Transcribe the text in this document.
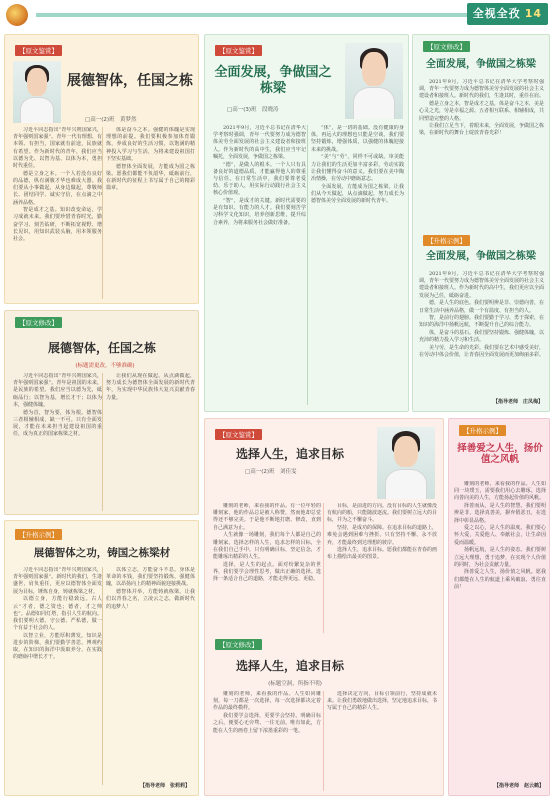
全视全孜 14
【原文鉴赏】
展德智体，任国之栋
□高一(2)班　黄梦然

习近平同志指出“青年兴则国家兴，青年强则国家强”。青年一代有理想、有本领、有担当，国家就有前途，民族就有希望。作为新时代的青年，我们应当以德为先、以智为基、以体为本，勇担时代重任。

德是立身之本。一个人若没有良好的品德，纵有满腹才华也难成大器。我们要从小事做起，从身边做起，尊敬师长、团结同学、诚实守信，在点滴之中涵养品格。

智是成才之基。知识改变命运，学习成就未来。我们要珍惜青春时光，勤奋学习、刻苦钻研，不断拓宽视野、增长见识，用知识武装头脑，用本领服务社会。

体是奋斗之本。强健的体魄是实现理想的前提。我们要积极参加体育锻炼，养成良好的生活习惯，以饱满的精神投入学习与生活，为将来建设祖国打下坚实基础。

德智体全面发展，方能成为国之栋梁。愿我们都能不负韶华，砥砺前行，在新时代的征程上书写属于自己的精彩篇章。

【原文修改】
展德智体，任国之栋
(标题需更改，不够准确)

习近平同志指出“青年兴则国家兴，青年强则国家强”。青年是祖国的未来，是民族的希望。我们应当以德为先，砥砺品行；以智为基，增长才干；以体为本，强健体魄。

德为首，智为要，体为根。德智体三者相辅相成，缺一不可。只有全面发展，才能在未来担当起建设祖国的重任，成为真正的国家栋梁之材。

让我们从现在做起，从点滴做起，努力成长为德智体全面发展的新时代青年，为实现中华民族伟大复兴贡献青春力量。

【升格示例】
展德智体之功，铸国之栋梁材

习近平同志指出“青年兴则国家兴，青年强则国家强”。新时代的我们，生逢盛世，肩负重任，更应以德智体全面发展为目标，锤炼自身，铸就栋梁之材。

以德立身，方能行稳致远。古人云“才者，德之资也；德者，才之帅也”。品德如同灯塔，指引人生的航向。我们要明大德、守公德、严私德，做一个有益于社会的人。

以智立业，方能厚积薄发。知识是进步的阶梯，我们要勤学善思，博观约取，在知识的海洋中汲取养分，在实践的磨砺中增长才干。

以体立志，方能奋斗不息。身体是革命的本钱，我们要坚持锻炼，强健体魄，以昂扬向上的精神面貌迎接挑战。

德智体并举，方能铸就栋梁。让我们以青春之名，立凌云之志，做新时代的追梦人！

【指导老师　张莉莉】
【原文鉴赏】
全面发展，争做国之栋梁
□高一(3)班　段晓涛

2021年9月，习近平总书记在清华大学考察时强调，青年一代要努力成为德智体美劳全面发展的社会主义建设者和接班人。作为新时代的高中生，我们应当牢记嘱托，全面发展，争做国之栋梁。

“德”，是做人的根本。一个人只有具备良好的道德品质，才能赢得他人的尊重与信任。在日常生活中，我们要尊老爱幼、乐于助人，用实际行动践行社会主义核心价值观。

“智”，是成才的关键。新时代需要的是有知识、有能力的人才。我们要刻苦学习科学文化知识，培养创新思维，提升综合素养，为将来服务社会做好准备。

“体”，是一切的基础。没有健康的身体，再远大的理想也只能是空谈。我们要坚持锻炼，增强体质，以强健的体魄迎接未来的挑战。

“美”与“劳”，同样不可或缺。审美能力让我们的生活更加丰富多彩，劳动实践让我们懂得奋斗的意义。我们要在美中陶冶情操，在劳动中磨砺意志。

全面发展，方能成为国之栋梁。让我们从今天做起，从点滴做起，努力成长为德智体美劳全面发展的新时代青年。

【原文修改】
全面发展，争做国之栋梁

2021年9月，习近平总书记在清华大学考察时强调，青年一代要努力成为德智体美劳全面发展的社会主义建设者和接班人。新时代的我们，生逢其时，重任在肩。

德是立身之本，智是成才之基，体是奋斗之本，美是心灵之光，劳是幸福之源。五者相互联系、相辅相成，共同塑造完整的人格。

让我们立足当下，着眼未来，全面发展，争做国之栋梁，在新时代的舞台上绽放青春光彩！

【升格示例】
全面发展，争做国之栋梁

2021年9月，习近平总书记在清华大学考察时强调，青年一代要努力成为德智体美劳全面发展的社会主义建设者和接班人。作为新时代的高中生，我们更应以全面发展为己任，砥砺奋进。

德，是人生的底色。我们要明辨是非、崇德向善，在日常生活中涵养品格，做一个有温度、有担当的人。

智，是前行的翅膀。我们要勤于学习、勇于探索，在知识的海洋中扬帆远航，不断提升自己的综合能力。

体，是奋斗的基石。我们要坚持锻炼、强健体魄，以充沛的精力投入学习和生活。

美与劳，是生命的光彩。我们要在艺术中感受美好，在劳动中体会价值，让青春因全面发展而更加绚丽多彩。

【指导老师　庄凤梅】
【原文鉴赏】
选择人生，追求目标
□高一(2)班　刘佳雯

雕刻的老师，来看我的作品。有一位年轻的雕刻家，他的作品总是被人称赞，然而他却总觉得还不够完美。于是他不断地打磨、修改，直到自己满意为止。

人生就像一场雕刻，我们每个人都是自己的雕刻家。选择怎样的人生，追求怎样的目标，全在我们自己手中。只有明确目标，坚定信念，才能雕琢出精彩的人生。

选择，是人生的起点。面对纷繁复杂的世界，我们要学会理性思考，做出正确的选择。选择一条适合自己的道路，才能走得更远、更稳。

目标，是前进的方向。没有目标的人生就像没有航向的船，只能随波逐流。我们要树立远大的目标，并为之不懈奋斗。

坚持，是成功的保障。在追求目标的道路上，难免会遇到困难与挫折。只有坚持不懈、永不放弃，才能最终到达理想的彼岸。

选择人生，追求目标。愿我们都能在青春的画布上描绘出最美的图景。

【原文修改】
选择人生，追求目标
(标题空洞，所指不明)

雕刻的老师，来看我的作品。人生如同雕刻，每一刀都是一次选择，每一次选择都决定着作品的最终模样。

我们要学会选择，更要学会坚持。明确目标之后，便要心无旁骛、一往无前。唯有如此，方能在人生的画卷上留下浓墨重彩的一笔。

选择决定方向，目标引领前行，坚持成就未来。让我们勇敢地做出选择，坚定地追求目标，书写属于自己的精彩人生。

【升格示例】
择善爱之人生，扬价值之风帆

雕刻的老师，来看我的作品。人生如同一块璞玉，需要我们用心去雕琢。选择向善向美的人生，方能扬起价值的风帆。

择善而从，是人生的智慧。我们要明辨是非，选择真善美，摒弃假恶丑，在选择中彰显品格。

爱之以心，是人生的温度。我们要心怀大爱，关爱他人、奉献社会，让生命因爱而温暖。

扬帆远航，是人生的姿态。我们要树立远大理想，勇于追梦，在实现个人价值的同时，为社会贡献力量。

择善爱之人生，扬价值之风帆。愿我们都能在人生的航道上乘风破浪、勇往直前！

【指导老师　赵云鹤】
